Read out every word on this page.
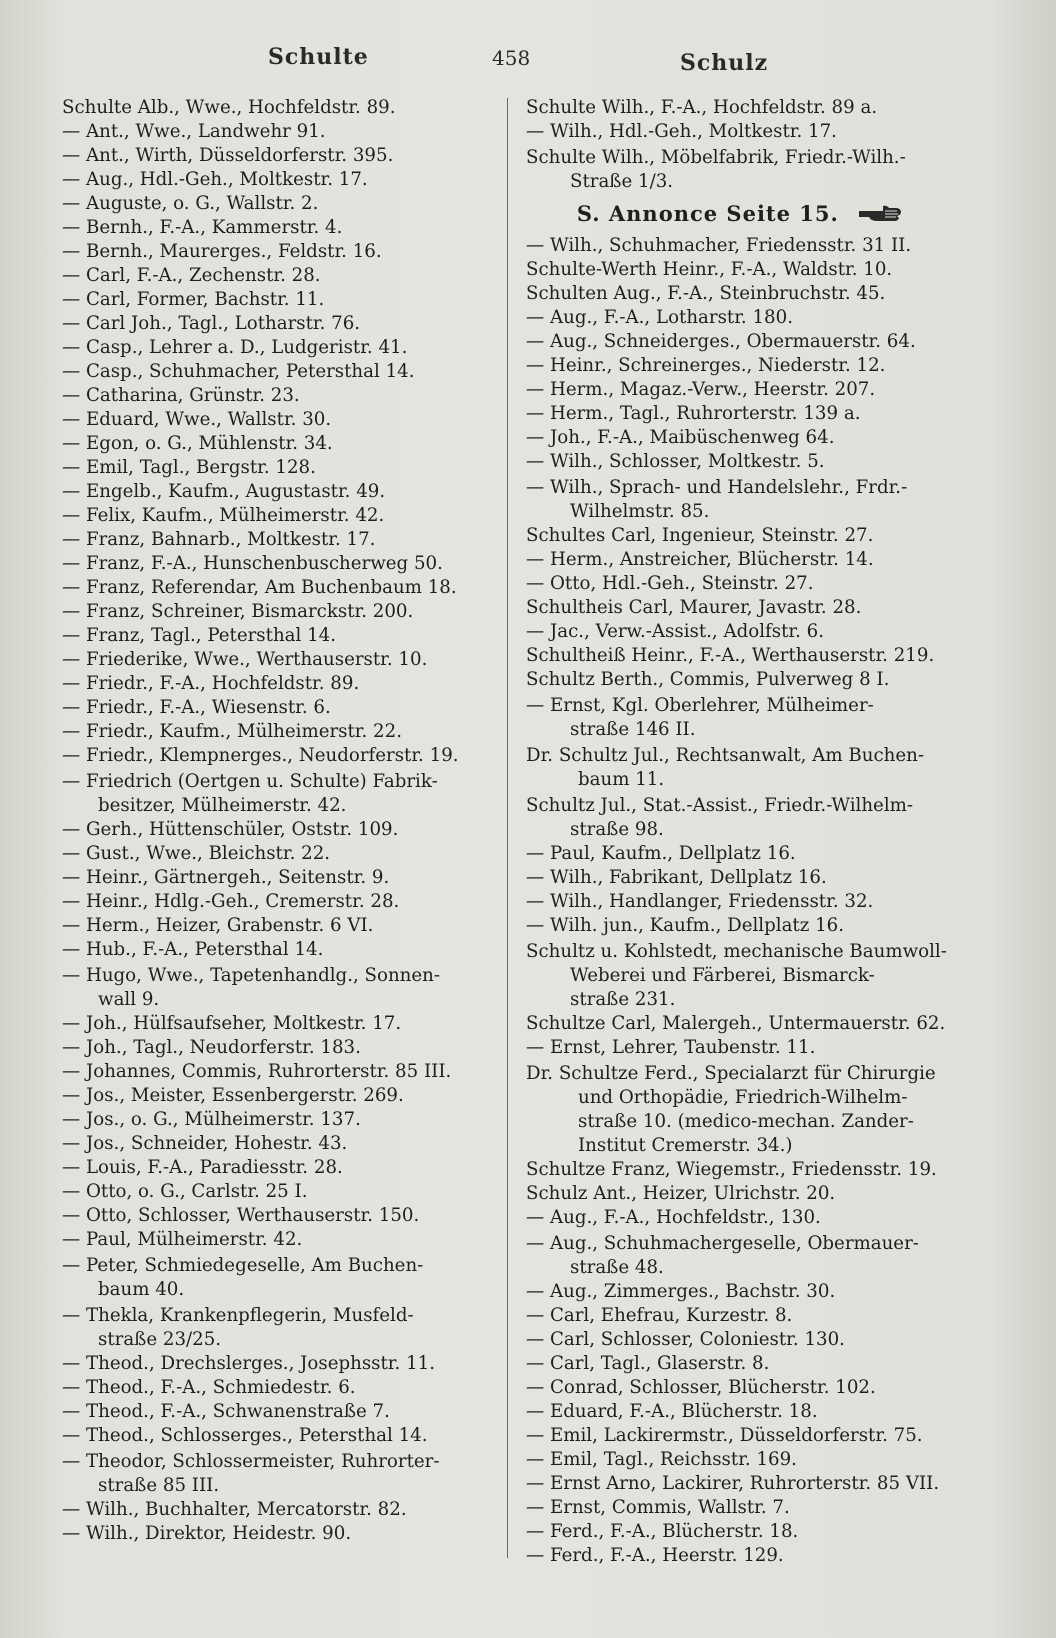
Schulte	458	Schulz
Schulte Alb., Wwe., Hochfeldstr. 89.
— Ant., Wwe., Landwehr 91.
— Ant., Wirth, Düsseldorferstr. 395.
— Aug., Hdl.-Geh., Moltkestr. 17.
— Auguste, o. G., Wallstr. 2.
— Bernh., F.-A., Kammerstr. 4.
— Bernh., Maurerges., Feldstr. 16.
— Carl, F.-A., Zechenstr. 28.
— Carl, Former, Bachstr. 11.
— Carl Joh., Tagl., Lotharstr. 76.
— Casp., Lehrer a. D., Ludgeristr. 41.
— Casp., Schuhmacher, Petersthal 14.
— Catharina, Grünstr. 23.
— Eduard, Wwe., Wallstr. 30.
— Egon, o. G., Mühlenstr. 34.
— Emil, Tagl., Bergstr. 128.
— Engelb., Kaufm., Augustastr. 49.
— Felix, Kaufm., Mülheimerstr. 42.
— Franz, Bahnarb., Moltkestr. 17.
— Franz, F.-A., Hunschenbuscherweg 50.
— Franz, Referendar, Am Buchenbaum 18.
— Franz, Schreiner, Bismarckstr. 200.
— Franz, Tagl., Petersthal 14.
— Friederike, Wwe., Werthauserstr. 10.
— Friedr., F.-A., Hochfeldstr. 89.
— Friedr., F.-A., Wiesenstr. 6.
— Friedr., Kaufm., Mülheimerstr. 22.
— Friedr., Klempnerges., Neudorferstr. 19.
— Friedrich (Oertgen u. Schulte) Fabrik-
besitzer, Mülheimerstr. 42.
— Gerh., Hüttenschüler, Oststr. 109.
— Gust., Wwe., Bleichstr. 22.
— Heinr., Gärtnergeh., Seitenstr. 9.
— Heinr., Hdlg.-Geh., Cremerstr. 28.
— Herm., Heizer, Grabenstr. 6 VI.
— Hub., F.-A., Petersthal 14.
— Hugo, Wwe., Tapetenhandlg., Sonnen-
wall 9.
— Joh., Hülfsaufseher, Moltkestr. 17.
— Joh., Tagl., Neudorferstr. 183.
— Johannes, Commis, Ruhrorterstr. 85 III.
— Jos., Meister, Essenbergerstr. 269.
— Jos., o. G., Mülheimerstr. 137.
— Jos., Schneider, Hohestr. 43.
— Louis, F.-A., Paradiesstr. 28.
— Otto, o. G., Carlstr. 25 I.
— Otto, Schlosser, Werthauserstr. 150.
— Paul, Mülheimerstr. 42.
— Peter, Schmiedegeselle, Am Buchen-
baum 40.
— Thekla, Krankenpflegerin, Musfeld-
straße 23/25.
— Theod., Drechslerges., Josephsstr. 11.
— Theod., F.-A., Schmiedestr. 6.
— Theod., F.-A., Schwanenstraße 7.
— Theod., Schlosserges., Petersthal 14.
— Theodor, Schlossermeister, Ruhrorter-
straße 85 III.
— Wilh., Buchhalter, Mercatorstr. 82.
— Wilh., Direktor, Heidestr. 90.
Schulte Wilh., F.-A., Hochfeldstr. 89 a.
— Wilh., Hdl.-Geh., Moltkestr. 17.
Schulte Wilh., Möbelfabrik, Friedr.-Wilh.-
Straße 1/3.
S. Annonce Seite 15.
— Wilh., Schuhmacher, Friedensstr. 31 II.
Schulte-Werth Heinr., F.-A., Waldstr. 10.
Schulten Aug., F.-A., Steinbruchstr. 45.
— Aug., F.-A., Lotharstr. 180.
— Aug., Schneiderges., Obermauerstr. 64.
— Heinr., Schreinerges., Niederstr. 12.
— Herm., Magaz.-Verw., Heerstr. 207.
— Herm., Tagl., Ruhrorterstr. 139 a.
— Joh., F.-A., Maibüschenweg 64.
— Wilh., Schlosser, Moltkestr. 5.
— Wilh., Sprach- und Handelslehr., Frdr.-
Wilhelmstr. 85.
Schultes Carl, Ingenieur, Steinstr. 27.
— Herm., Anstreicher, Blücherstr. 14.
— Otto, Hdl.-Geh., Steinstr. 27.
Schultheis Carl, Maurer, Javastr. 28.
— Jac., Verw.-Assist., Adolfstr. 6.
Schultheiß Heinr., F.-A., Werthauserstr. 219.
Schultz Berth., Commis, Pulverweg 8 I.
— Ernst, Kgl. Oberlehrer, Mülheimer-
straße 146 II.
Dr. Schultz Jul., Rechtsanwalt, Am Buchen-
baum 11.
Schultz Jul., Stat.-Assist., Friedr.-Wilhelm-
straße 98.
— Paul, Kaufm., Dellplatz 16.
— Wilh., Fabrikant, Dellplatz 16.
— Wilh., Handlanger, Friedensstr. 32.
— Wilh. jun., Kaufm., Dellplatz 16.
Schultz u. Kohlstedt, mechanische Baumwoll-
Weberei und Färberei, Bismarck-
straße 231.
Schultze Carl, Malergeh., Untermauerstr. 62.
— Ernst, Lehrer, Taubenstr. 11.
Dr. Schultze Ferd., Specialarzt für Chirurgie
und Orthopädie, Friedrich-Wilhelm-
straße 10. (medico-mechan. Zander-
Institut Cremerstr. 34.)
Schultze Franz, Wiegemstr., Friedensstr. 19.
Schulz Ant., Heizer, Ulrichstr. 20.
— Aug., F.-A., Hochfeldstr., 130.
— Aug., Schuhmachergeselle, Obermauer-
straße 48.
— Aug., Zimmerges., Bachstr. 30.
— Carl, Ehefrau, Kurzestr. 8.
— Carl, Schlosser, Coloniestr. 130.
— Carl, Tagl., Glaserstr. 8.
— Conrad, Schlosser, Blücherstr. 102.
— Eduard, F.-A., Blücherstr. 18.
— Emil, Lackirermstr., Düsseldorferstr. 75.
— Emil, Tagl., Reichsstr. 169.
— Ernst Arno, Lackirer, Ruhrorterstr. 85 VII.
— Ernst, Commis, Wallstr. 7.
— Ferd., F.-A., Blücherstr. 18.
— Ferd., F.-A., Heerstr. 129.
